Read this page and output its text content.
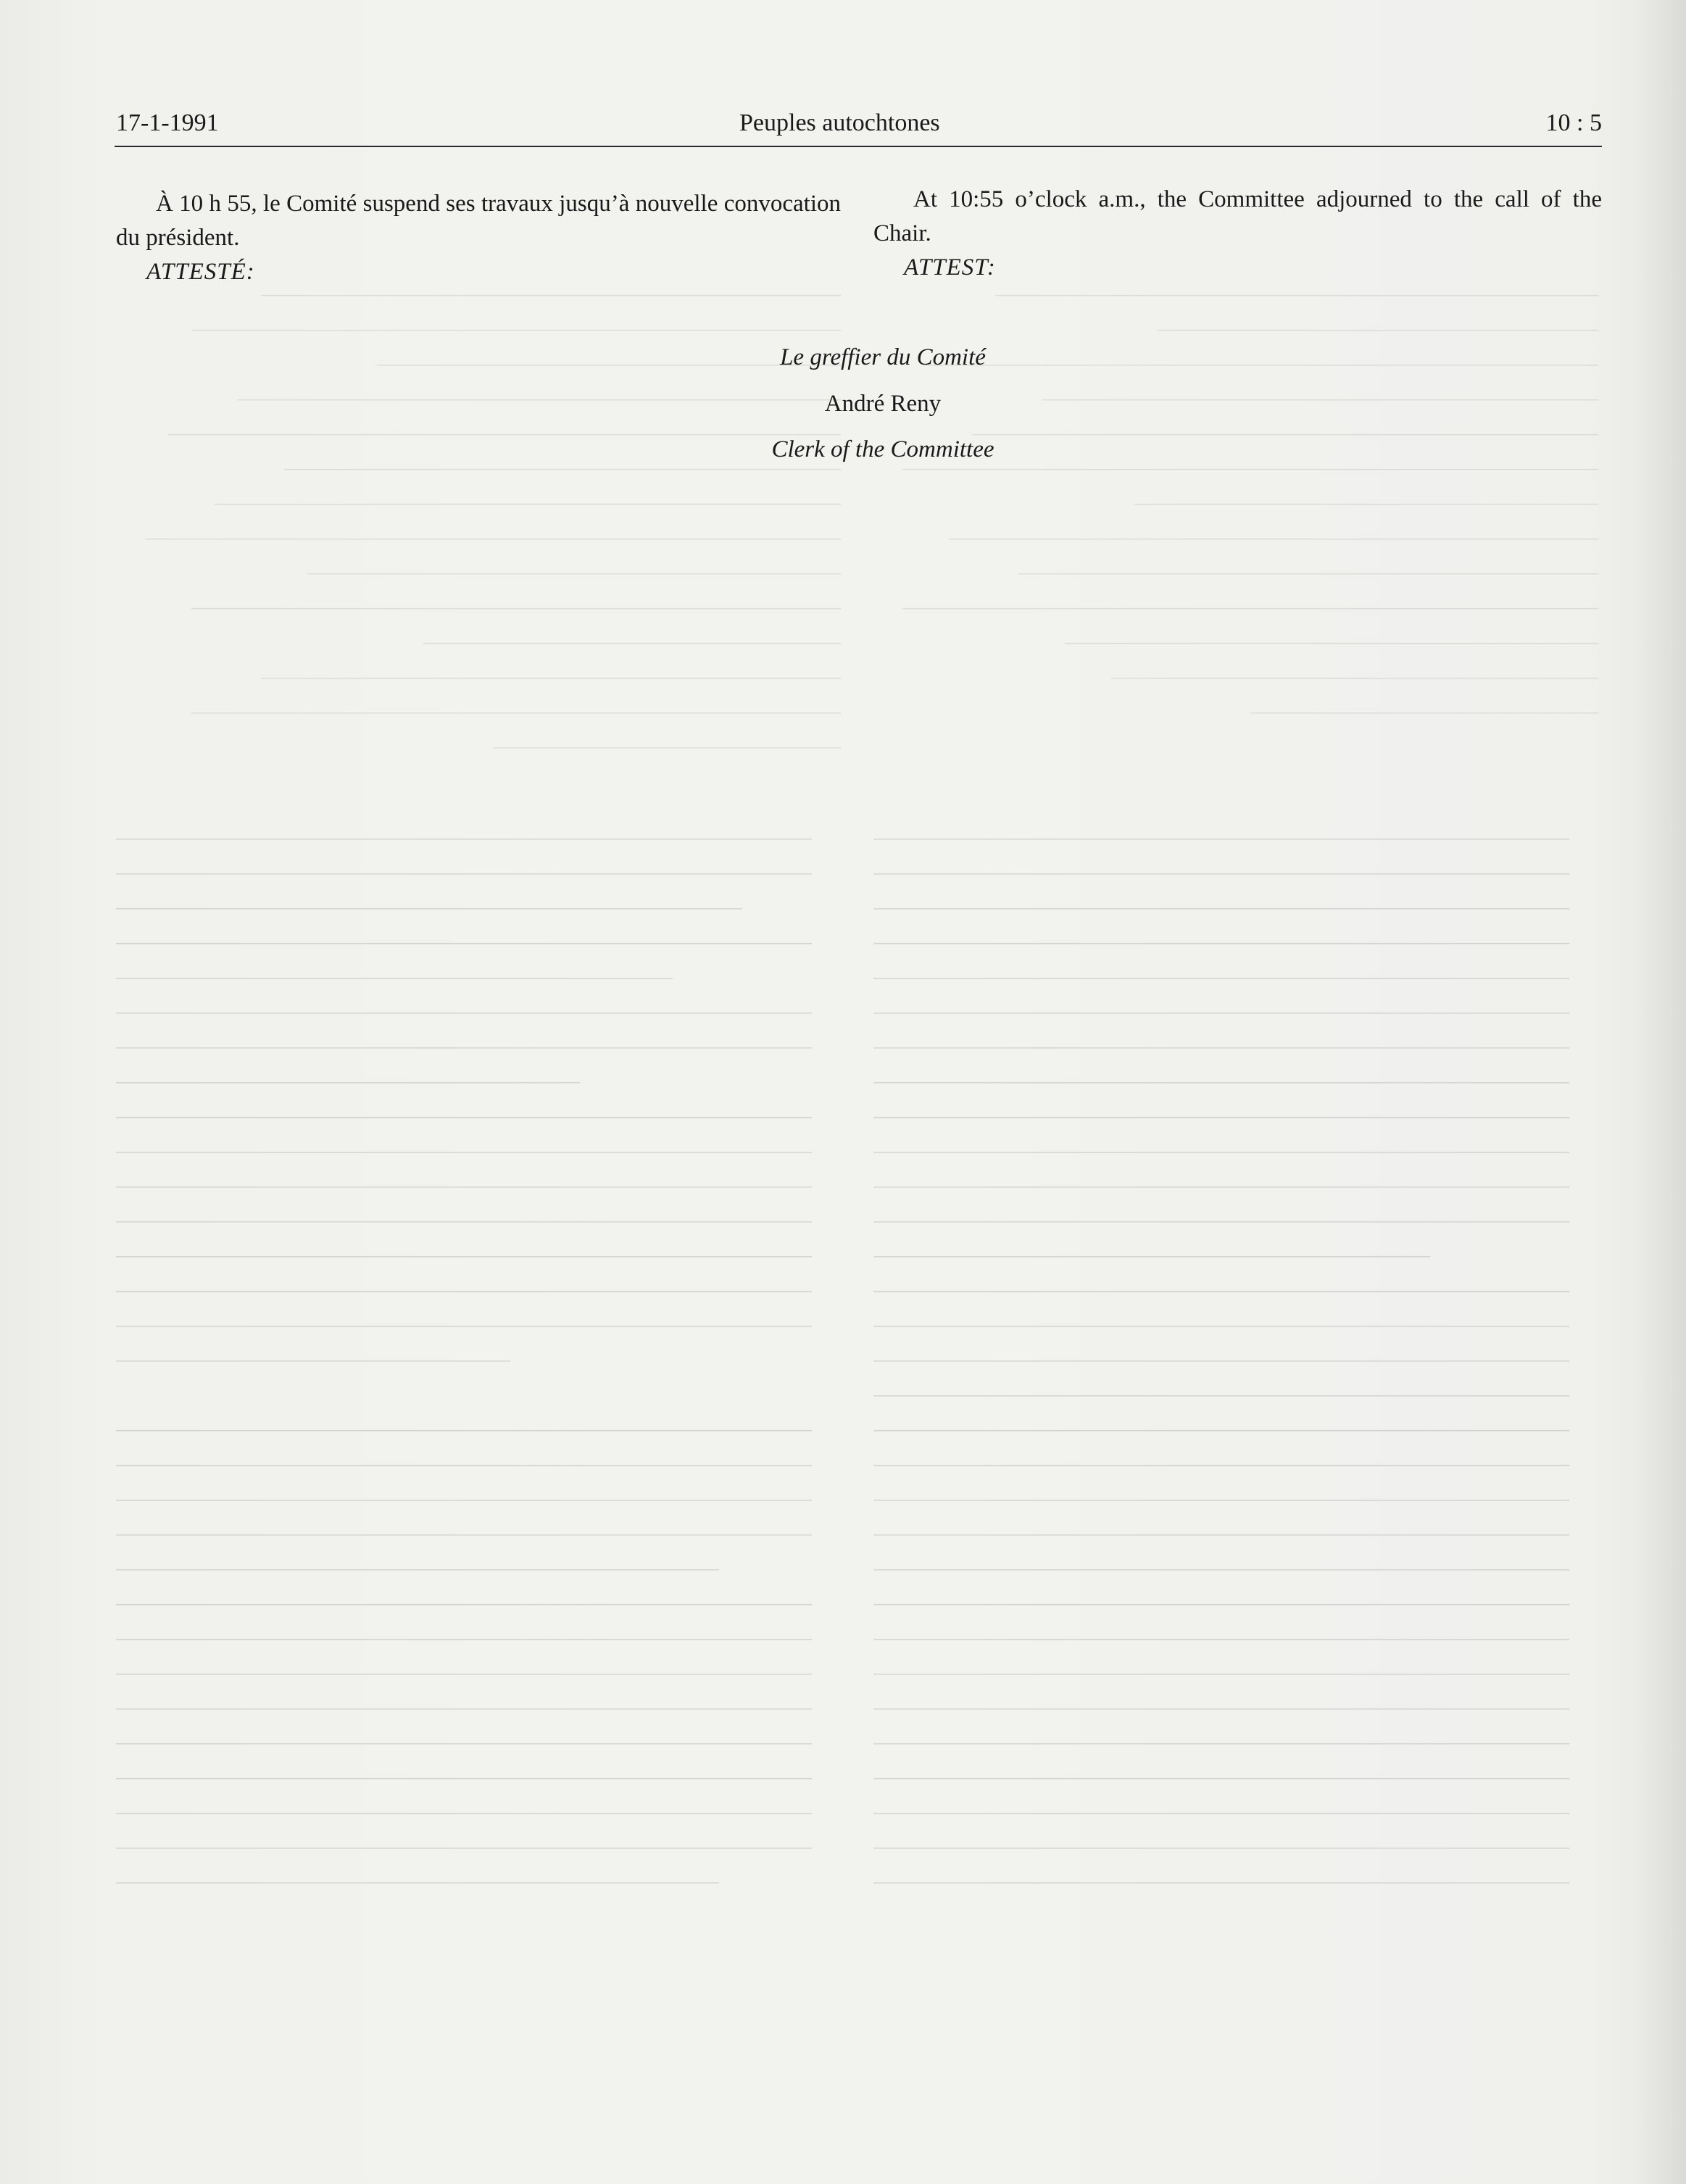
—————————————————————————
————————————————————————————
————————————————————
——————————————————————————
—————————————————————————————
————————————————————————
———————————————————————————
——————————————————————————————
———————————————————————
————————————————————————————
——————————————————
—————————————————————————
————————————————————————————
———————————————
——————————————————————————
———————————————————
—————————————————————————————
————————————————————————
———————————————————————————
——————————————————————————————
————————————————————
————————————————————————————
—————————————————————————
——————————————————————————————
———————————————————————
—————————————————————
———————————————
——————————————————————————————
——————————————————————————————
———————————————————————————
——————————————————————————————
————————————————————————
——————————————————————————————
——————————————————————————————
————————————————————
——————————————————————————————
——————————————————————————————
——————————————————————————————
——————————————————————————————
——————————————————————————————
——————————————————————————————
——————————————————————————————
—————————————————

——————————————————————————————
——————————————————————————————
——————————————————————————————
——————————————————————————————
——————————————————————————
——————————————————————————————
——————————————————————————————
——————————————————————————————
——————————————————————————————
——————————————————————————————
——————————————————————————————
——————————————————————————————
——————————————————————————————
——————————————————————————
——————————————————————————————
——————————————————————————————
——————————————————————————————
——————————————————————————————
——————————————————————————————
——————————————————————————————
——————————————————————————————
——————————————————————————————
——————————————————————————————
——————————————————————————————
——————————————————————————————
——————————————————————————————
————————————————————————
——————————————————————————————
——————————————————————————————
——————————————————————————————
——————————————————————————————
——————————————————————————————
——————————————————————————————
——————————————————————————————
——————————————————————————————
——————————————————————————————
——————————————————————————————
——————————————————————————————
——————————————————————————————
——————————————————————————————
——————————————————————————————
——————————————————————————————
——————————————————————————————
——————————————————————————————
——————————————————————————————
17-1-1991	Peuples autochtones	10 : 5

À 10 h 55, le Comité suspend ses travaux jusqu’à nouvelle convocation du président.

ATTESTÉ:

At 10:55 o’clock a.m., the Committee adjourned to the call of the Chair.

ATTEST:

Le greffier du Comité
André Reny
Clerk of the Committee
